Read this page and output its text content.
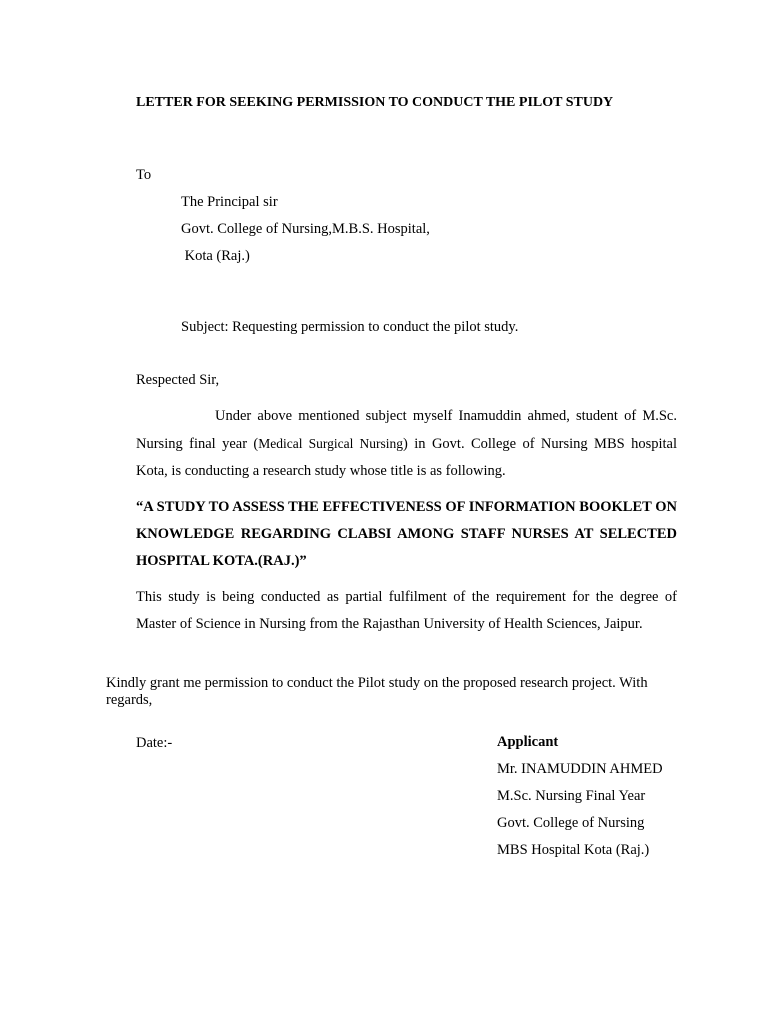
LETTER FOR SEEKING PERMISSION TO CONDUCT THE PILOT STUDY
To
The Principal sir
Govt. College of Nursing,M.B.S. Hospital,
Kota (Raj.)
Subject: Requesting permission to conduct the pilot study.
Respected Sir,
Under above mentioned subject myself Inamuddin ahmed, student of M.Sc. Nursing final year (Medical Surgical Nursing) in Govt. College of Nursing MBS hospital Kota, is conducting a research study whose title is as following.
“A STUDY TO ASSESS THE EFFECTIVENESS OF INFORMATION BOOKLET ON KNOWLEDGE REGARDING CLABSI AMONG STAFF NURSES AT SELECTED HOSPITAL KOTA.(RAJ.)”
This study is being conducted as partial fulfilment of the requirement for the degree of Master of Science in Nursing from the Rajasthan University of Health Sciences, Jaipur.
Kindly grant me permission to conduct the Pilot study on the proposed research project. With regards,
Date:-	Applicant
Mr. INAMUDDIN AHMED
M.Sc. Nursing Final Year
Govt. College of Nursing
MBS Hospital Kota (Raj.)
